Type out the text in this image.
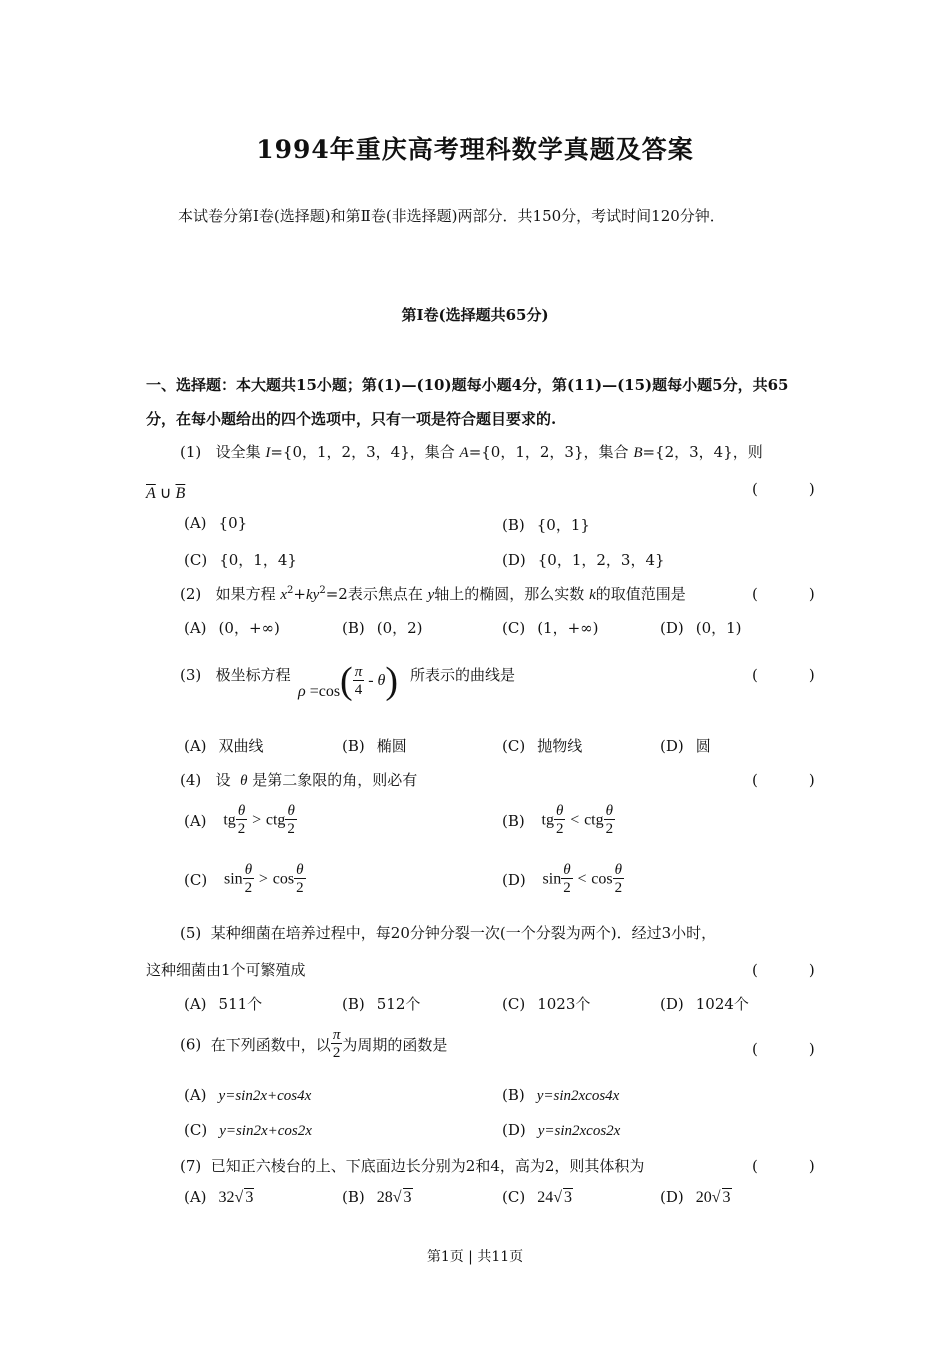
1994年重庆高考理科数学真题及答案
本试卷分第Ⅰ卷(选择题)和第Ⅱ卷(非选择题)两部分．共150分，考试时间120分钟．
第Ⅰ卷(选择题共65分)
一、选择题：本大题共15小题；第(1)—(10)题每小题4分，第(11)—(15)题每小题5分，共65分，在每小题给出的四个选项中，只有一项是符合题目要求的.
(1) 设全集 I={0，1，2，3，4}，集合 A={0，1，2，3}，集合 B={2，3，4}，则
$\overline{A}$ ∪ $\overline{B}$	(　)
(A) {0}	(B) {0，1}
(C) {0，1，4}	(D) {0，1，2，3，4}
(2) 如果方程 $x^2+ky^2=2$表示焦点在 y轴上的椭圆，那么实数 k的取值范围是	(　)
(A) (0，+∞)	(B) (0，2)	(C) (1，+∞)	(D) (0，1)
(3) 极坐标方程
$\rho =\cos( \frac{\pi}{4} - \theta)$ 所表示的曲线是	(　)
(A) 双曲线	(B) 椭圆	(C) 抛物线	(D) 圆
(4) 设 θ 是第二象限的角，则必有	(　)
(A) tg $\frac{\theta}{2}$ > ctg $\frac{\theta}{2}$	(B) tg $\frac{\theta}{2}$ < ctg $\frac{\theta}{2}$
(C) $\sin \frac{\theta}{2} > \cos \frac{\theta}{2}$	(D) $\sin \frac{\theta}{2} < \cos \frac{\theta}{2}$
(5) 某种细菌在培养过程中，每20分钟分裂一次(一个分裂为两个)．经过3小时，
这种细菌由1个可繁殖成	(　)
(A) 511个	(B) 512个	(C) 1023个	(D) 1024个
(6) 在下列函数中，以 $\frac{\pi}{2}$ 为周期的函数是	(　)
(A) y=sin2x+cos4x	(B) y=sin2xcos4x
(C) y=sin2x+cos2x	(D) y=sin2xcos2x
(7) 已知正六棱台的上、下底面边长分别为2和4，高为2，则其体积为	(　)
(A) 32√ 3	(B) 28√ 3	(C) 24√ 3	(D) 20√ 3
第1页 | 共11页
